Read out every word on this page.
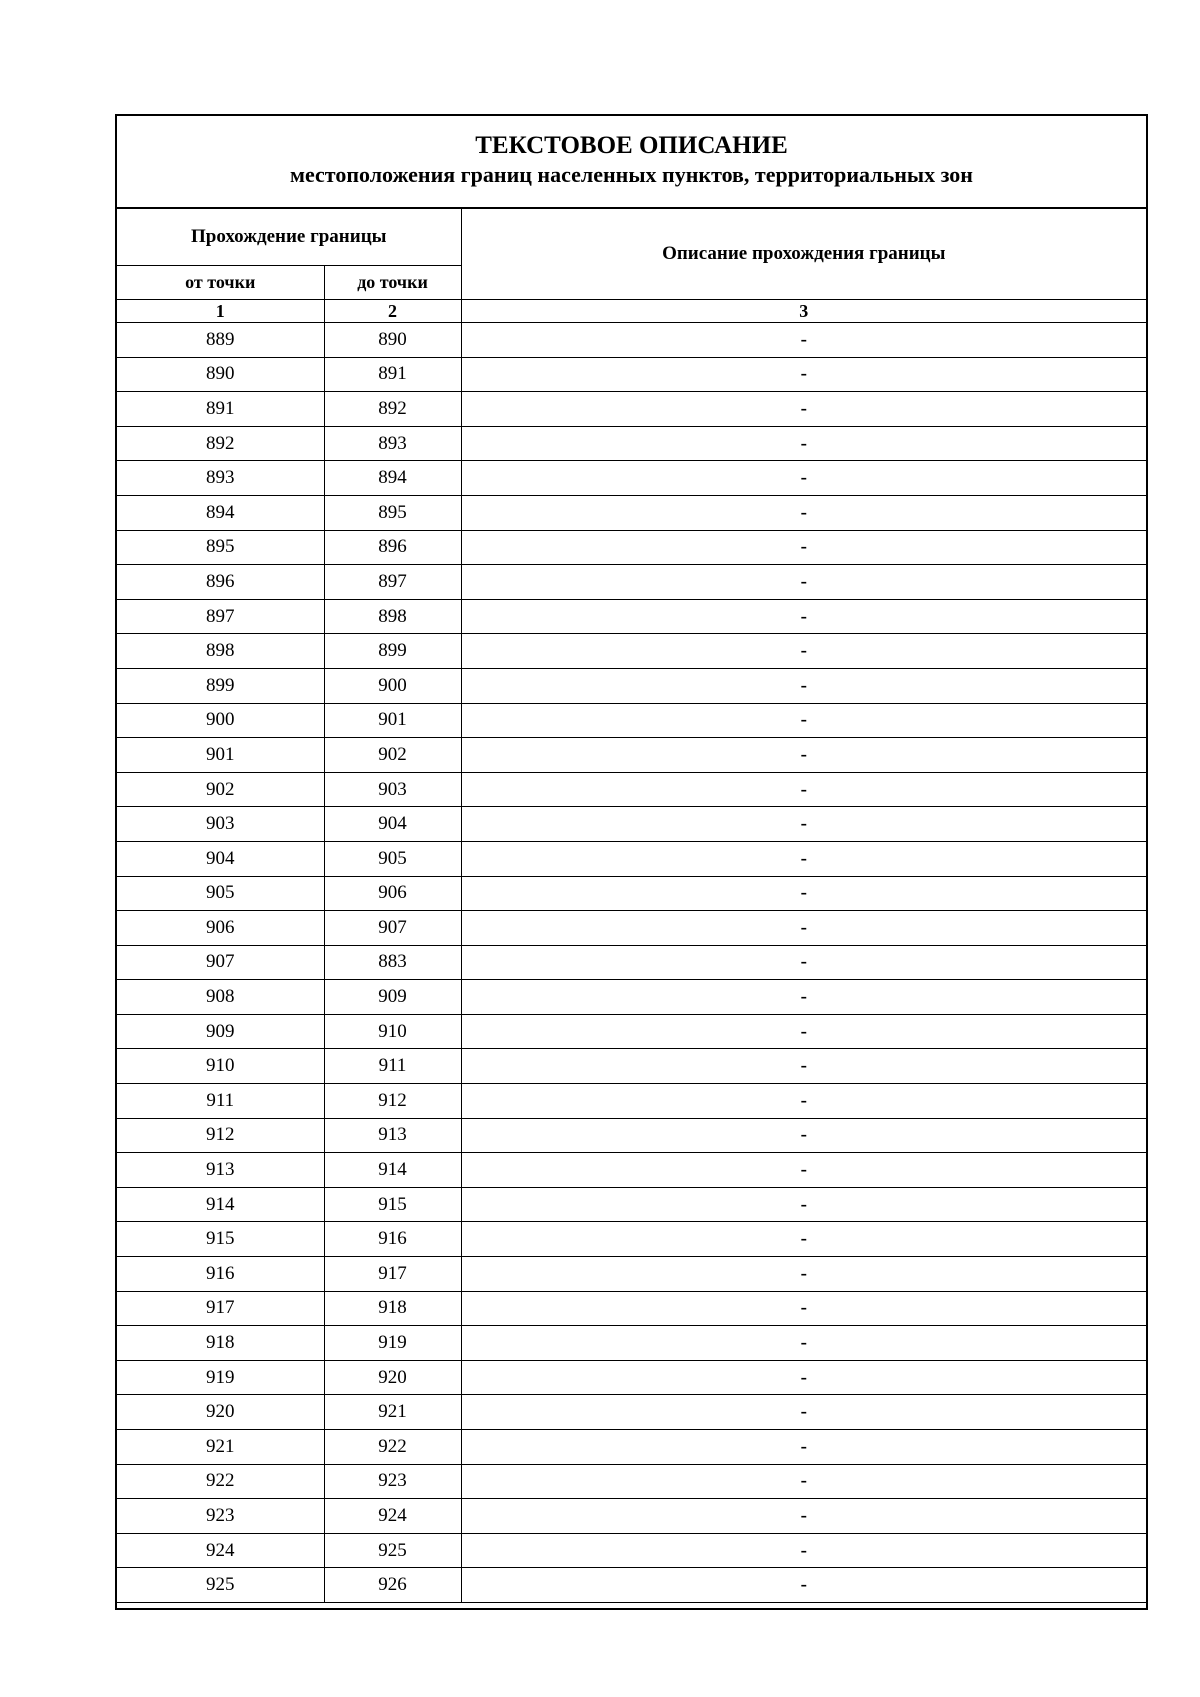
ТЕКСТОВОЕ ОПИСАНИЕ
местоположения границ населенных пунктов, территориальных зон
Прохождение границы		Описание прохождения границы
от точки	до точки	
1	2	3
889	890	-
890	891	-
891	892	-
892	893	-
893	894	-
894	895	-
895	896	-
896	897	-
897	898	-
898	899	-
899	900	-
900	901	-
901	902	-
902	903	-
903	904	-
904	905	-
905	906	-
906	907	-
907	883	-
908	909	-
909	910	-
910	911	-
911	912	-
912	913	-
913	914	-
914	915	-
915	916	-
916	917	-
917	918	-
918	919	-
919	920	-
920	921	-
921	922	-
922	923	-
923	924	-
924	925	-
925	926	-
